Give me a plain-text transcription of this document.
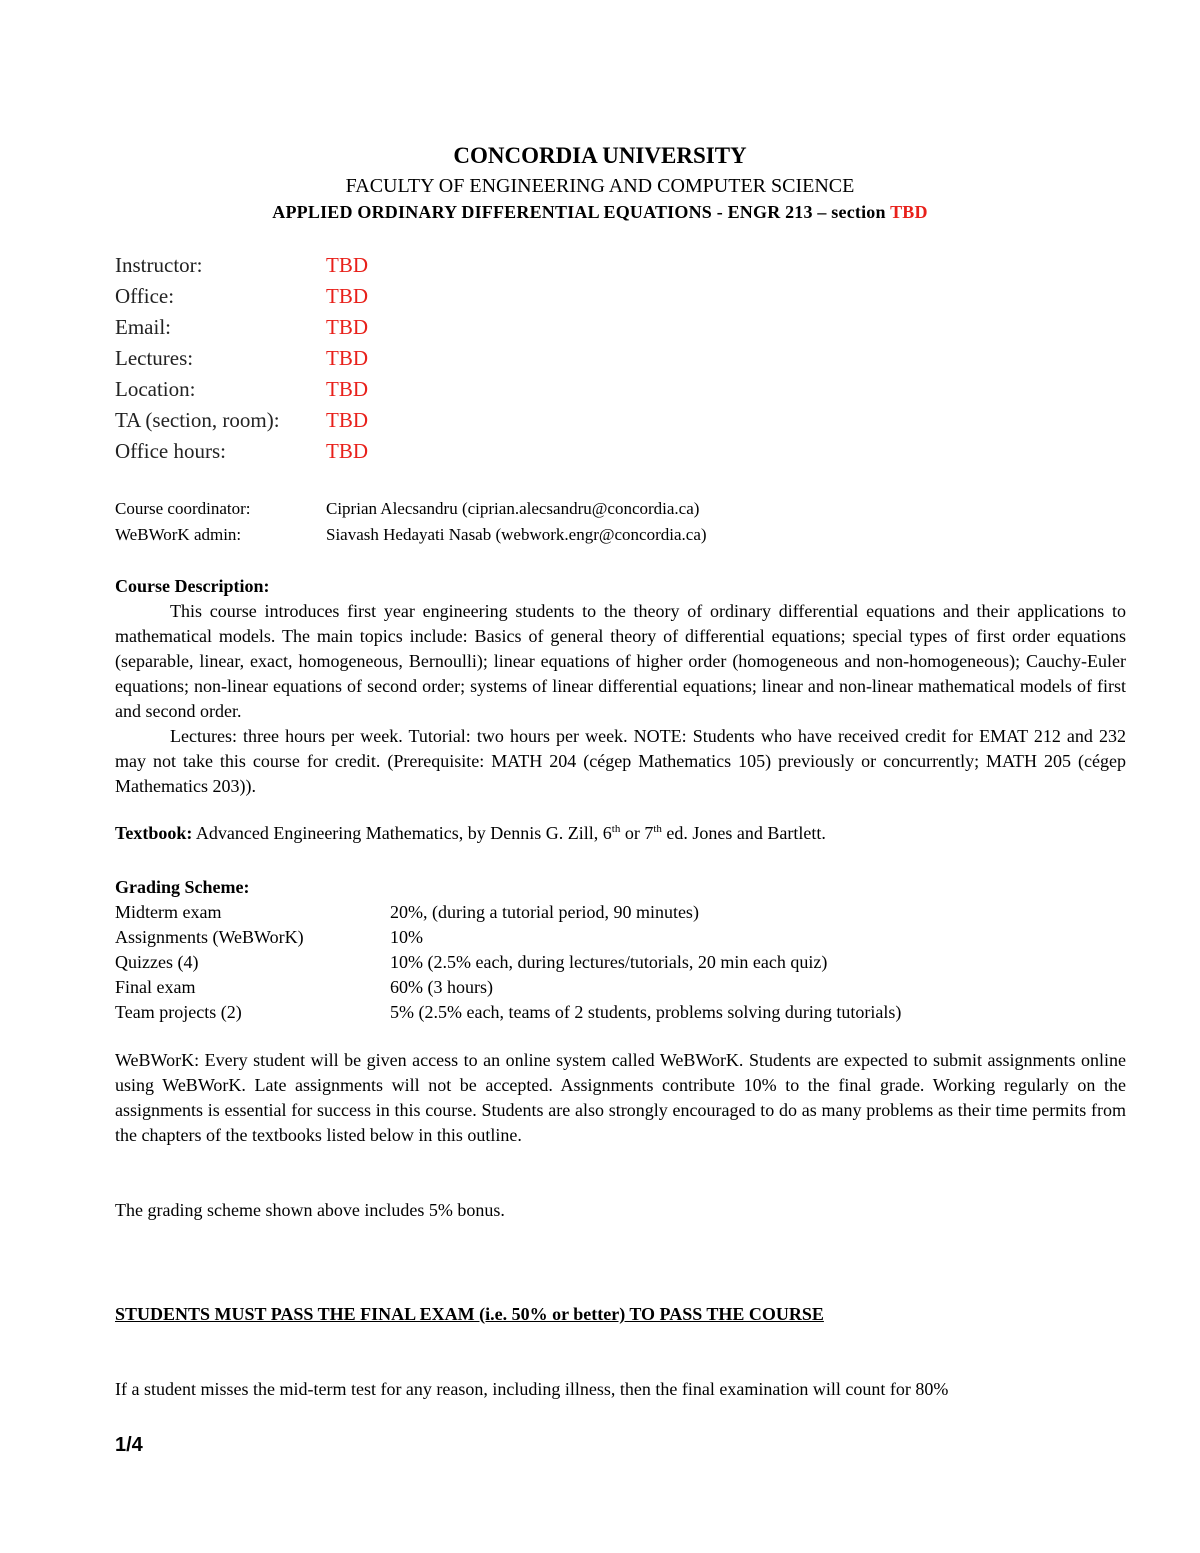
CONCORDIA UNIVERSITY
FACULTY OF ENGINEERING AND COMPUTER SCIENCE
APPLIED ORDINARY DIFFERENTIAL EQUATIONS - ENGR 213 – section TBD
Instructor:	TBD
Office:	TBD
Email:	TBD
Lectures:	TBD
Location:	TBD
TA (section, room): TBD
Office hours:	TBD
Course coordinator:	Ciprian Alecsandru (ciprian.alecsandru@concordia.ca)
WeBWorK admin:	Siavash Hedayati Nasab (webwork.engr@concordia.ca)
Course Description:
This course introduces first year engineering students to the theory of ordinary differential equations and their applications to mathematical models. The main topics include: Basics of general theory of differential equations; special types of first order equations (separable, linear, exact, homogeneous, Bernoulli); linear equations of higher order (homogeneous and non-homogeneous); Cauchy-Euler equations; non-linear equations of second order; systems of linear differential equations; linear and non-linear mathematical models of first and second order.
Lectures: three hours per week. Tutorial: two hours per week. NOTE: Students who have received credit for EMAT 212 and 232 may not take this course for credit. (Prerequisite: MATH 204 (cégep Mathematics 105) previously or concurrently; MATH 205 (cégep Mathematics 203)).
Textbook: Advanced Engineering Mathematics, by Dennis G. Zill, 6th or 7th ed. Jones and Bartlett.
Grading Scheme:
Midterm exam	20%, (during a tutorial period, 90 minutes)
Assignments (WeBWorK)	10%
Quizzes (4)	10% (2.5% each, during lectures/tutorials, 20 min each quiz)
Final exam	60% (3 hours)
Team projects (2)	5% (2.5% each, teams of 2 students, problems solving during tutorials)
WeBWorK: Every student will be given access to an online system called WeBWorK. Students are expected to submit assignments online using WeBWorK. Late assignments will not be accepted. Assignments contribute 10% to the final grade. Working regularly on the assignments is essential for success in this course. Students are also strongly encouraged to do as many problems as their time permits from the chapters of the textbooks listed below in this outline.
The grading scheme shown above includes 5% bonus.
STUDENTS MUST PASS THE FINAL EXAM (i.e. 50% or better) TO PASS THE COURSE
If a student misses the mid-term test for any reason, including illness, then the final examination will count for 80%
1/4
